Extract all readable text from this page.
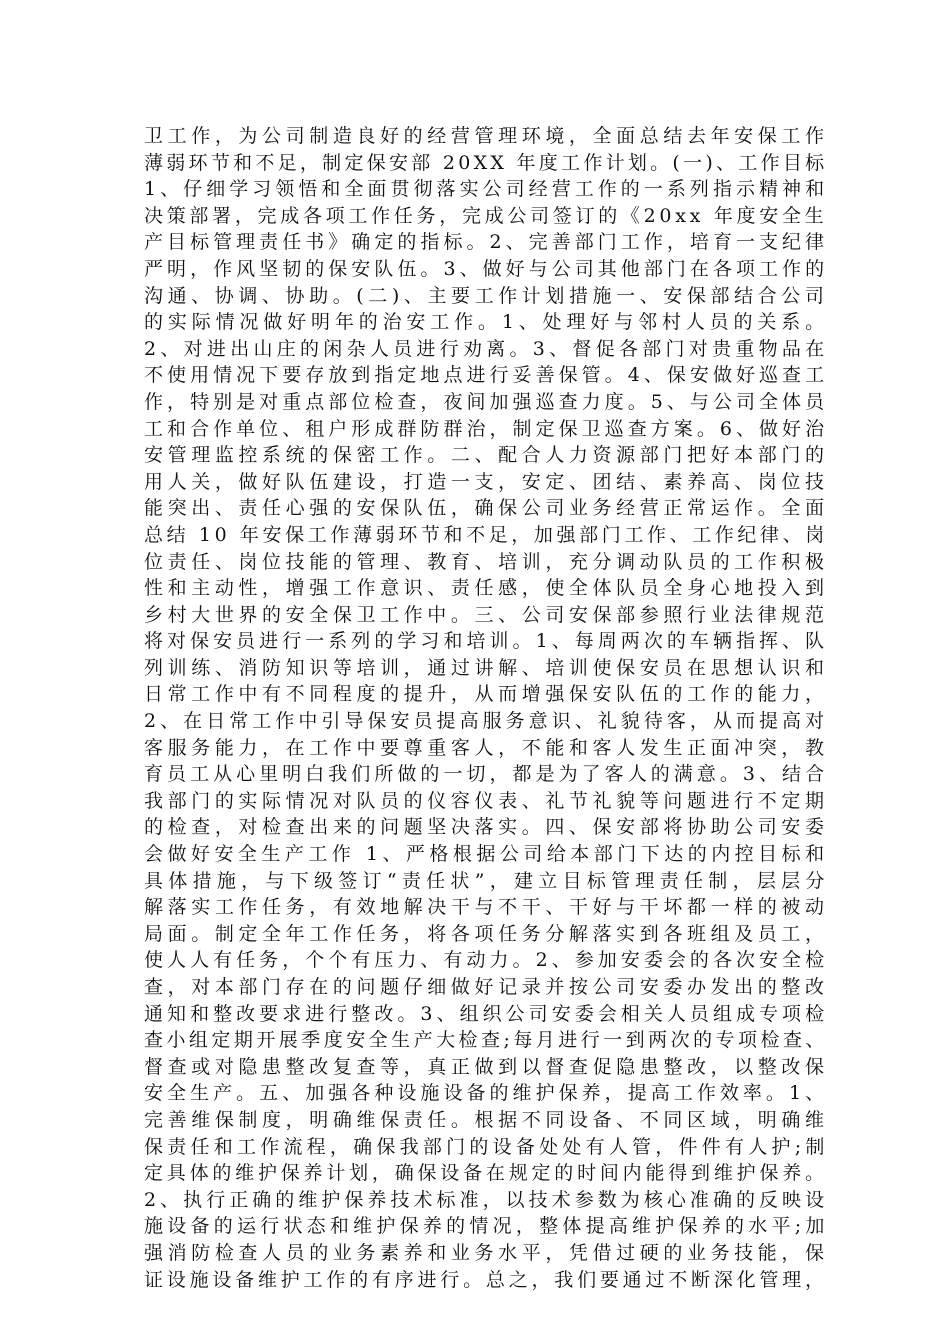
卫工作，为公司制造良好的经营管理环境，全面总结去年安保工作
薄弱环节和不足，制定保安部 20XX 年度工作计划。(一)、工作目标
1、仔细学习领悟和全面贯彻落实公司经营工作的一系列指示精神和
决策部署，完成各项工作任务，完成公司签订的《20xx 年度安全生
产目标管理责任书》确定的指标。2、完善部门工作，培育一支纪律
严明，作风坚韧的保安队伍。3、做好与公司其他部门在各项工作的
沟通、协调、协助。(二)、主要工作计划措施一、安保部结合公司
的实际情况做好明年的治安工作。1、处理好与邻村人员的关系。
2、对进出山庄的闲杂人员进行劝离。3、督促各部门对贵重物品在
不使用情况下要存放到指定地点进行妥善保管。4、保安做好巡查工
作，特别是对重点部位检查，夜间加强巡查力度。5、与公司全体员
工和合作单位、租户形成群防群治，制定保卫巡查方案。6、做好治
安管理监控系统的保密工作。二、配合人力资源部门把好本部门的
用人关，做好队伍建设，打造一支，安定、团结、素养高、岗位技
能突出、责任心强的安保队伍，确保公司业务经营正常运作。全面
总结 10 年安保工作薄弱环节和不足，加强部门工作、工作纪律、岗
位责任、岗位技能的管理、教育、培训，充分调动队员的工作积极
性和主动性，增强工作意识、责任感，使全体队员全身心地投入到
乡村大世界的安全保卫工作中。三、公司安保部参照行业法律规范
将对保安员进行一系列的学习和培训。1、每周两次的车辆指挥、队
列训练、消防知识等培训，通过讲解、培训使保安员在思想认识和
日常工作中有不同程度的提升，从而增强保安队伍的工作的能力，
2、在日常工作中引导保安员提高服务意识、礼貌待客，从而提高对
客服务能力，在工作中要尊重客人，不能和客人发生正面冲突，教
育员工从心里明白我们所做的一切，都是为了客人的满意。3、结合
我部门的实际情况对队员的仪容仪表、礼节礼貌等问题进行不定期
的检查，对检查出来的问题坚决落实。四、保安部将协助公司安委
会做好安全生产工作 1、严格根据公司给本部门下达的内控目标和
具体措施，与下级签订“责任状”，建立目标管理责任制，层层分
解落实工作任务，有效地解决干与不干、干好与干坏都一样的被动
局面。制定全年工作任务，将各项任务分解落实到各班组及员工，
使人人有任务，个个有压力、有动力。2、参加安委会的各次安全检
查，对本部门存在的问题仔细做好记录并按公司安委办发出的整改
通知和整改要求进行整改。3、组织公司安委会相关人员组成专项检
查小组定期开展季度安全生产大检查;每月进行一到两次的专项检查、
督查或对隐患整改复查等，真正做到以督查促隐患整改，以整改保
安全生产。五、加强各种设施设备的维护保养，提高工作效率。1、
完善维保制度，明确维保责任。根据不同设备、不同区域，明确维
保责任和工作流程，确保我部门的设备处处有人管，件件有人护;制
定具体的维护保养计划，确保设备在规定的时间内能得到维护保养。
2、执行正确的维护保养技术标准，以技术参数为核心准确的反映设
施设备的运行状态和维护保养的情况，整体提高维护保养的水平;加
强消防检查人员的业务素养和业务水平，凭借过硬的业务技能，保
证设施设备维护工作的有序进行。总之，我们要通过不断深化管理，
